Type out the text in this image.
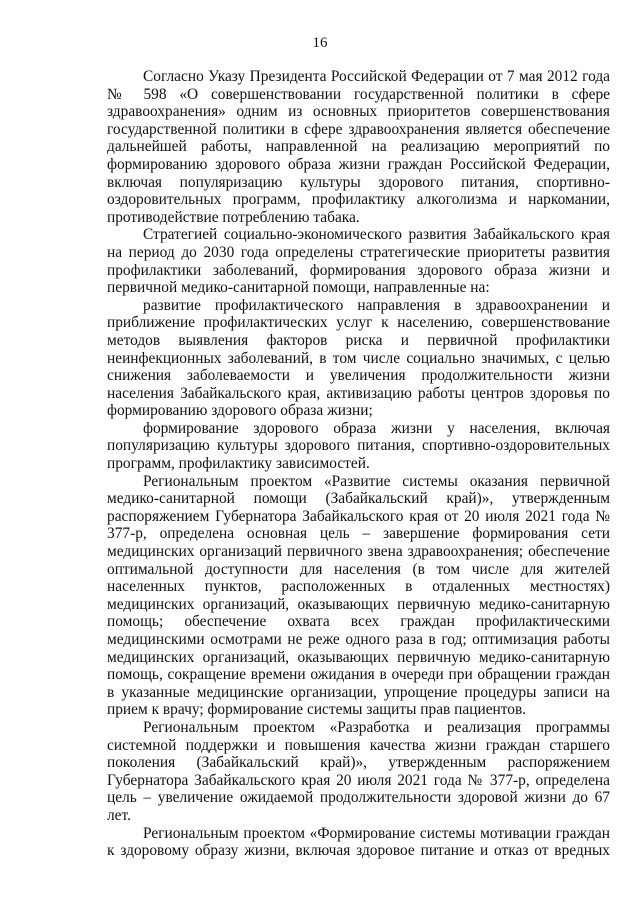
16

Согласно Указу Президента Российской Федерации от 7 мая 2012 года № 598 «О совершенствовании государственной политики в сфере здравоохранения» одним из основных приоритетов совершенствования государственной политики в сфере здравоохранения является обеспечение дальнейшей работы, направленной на реализацию мероприятий по формированию здорового образа жизни граждан Российской Федерации, включая популяризацию культуры здорового питания, спортивно-оздоровительных программ, профилактику алкоголизма и наркомании, противодействие потреблению табака.

Стратегией социально-экономического развития Забайкальского края на период до 2030 года определены стратегические приоритеты развития профилактики заболеваний, формирования здорового образа жизни и первичной медико-санитарной помощи, направленные на:

развитие профилактического направления в здравоохранении и приближение профилактических услуг к населению, совершенствование методов выявления факторов риска и первичной профилактики неинфекционных заболеваний, в том числе социально значимых, с целью снижения заболеваемости и увеличения продолжительности жизни населения Забайкальского края, активизацию работы центров здоровья по формированию здорового образа жизни;

формирование здорового образа жизни у населения, включая популяризацию культуры здорового питания, спортивно-оздоровительных программ, профилактику зависимостей.

Региональным проектом «Развитие системы оказания первичной медико-санитарной помощи (Забайкальский край)», утвержденным распоряжением Губернатора Забайкальского края от 20 июля 2021 года № 377-р, определена основная цель – завершение формирования сети медицинских организаций первичного звена здравоохранения; обеспечение оптимальной доступности для населения (в том числе для жителей населенных пунктов, расположенных в отдаленных местностях) медицинских организаций, оказывающих первичную медико-санитарную помощь; обеспечение охвата всех граждан профилактическими медицинскими осмотрами не реже одного раза в год; оптимизация работы медицинских организаций, оказывающих первичную медико-санитарную помощь, сокращение времени ожидания в очереди при обращении граждан в указанные медицинские организации, упрощение процедуры записи на прием к врачу; формирование системы защиты прав пациентов.

Региональным проектом «Разработка и реализация программы системной поддержки и повышения качества жизни граждан старшего поколения (Забайкальский край)», утвержденным распоряжением Губернатора Забайкальского края 20 июля 2021 года № 377-р, определена цель – увеличение ожидаемой продолжительности здоровой жизни до 67 лет.

Региональным проектом «Формирование системы мотивации граждан к здоровому образу жизни, включая здоровое питание и отказ от вредных
